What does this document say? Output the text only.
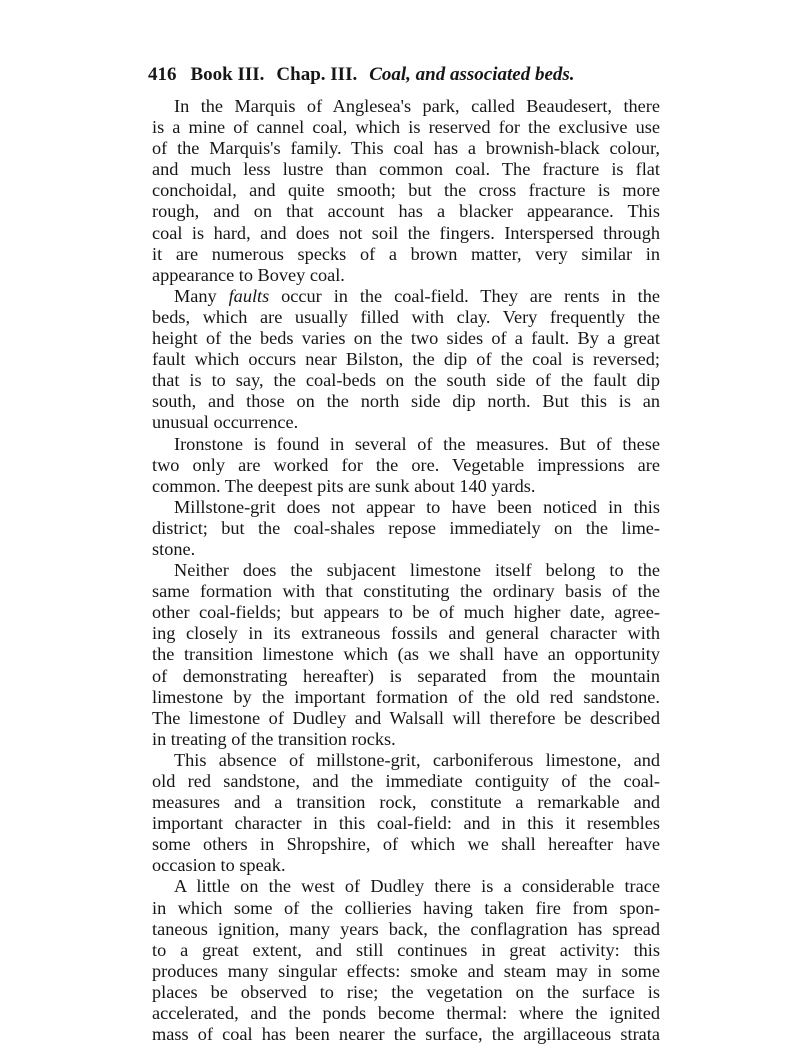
416 Book III. Chap. III. Coal, and associated beds.
In the Marquis of Anglesea's park, called Beaudesert, there
is a mine of cannel coal, which is reserved for the exclusive use
of the Marquis's family. This coal has a brownish-black colour,
and much less lustre than common coal. The fracture is flat
conchoidal, and quite smooth; but the cross fracture is more
rough, and on that account has a blacker appearance. This
coal is hard, and does not soil the fingers. Interspersed through
it are numerous specks of a brown matter, very similar in
appearance to Bovey coal.
Many faults occur in the coal-field. They are rents in the
beds, which are usually filled with clay. Very frequently the
height of the beds varies on the two sides of a fault. By a great
fault which occurs near Bilston, the dip of the coal is reversed;
that is to say, the coal-beds on the south side of the fault dip
south, and those on the north side dip north. But this is an
unusual occurrence.
Ironstone is found in several of the measures. But of these
two only are worked for the ore. Vegetable impressions are
common. The deepest pits are sunk about 140 yards.
Millstone-grit does not appear to have been noticed in this
district; but the coal-shales repose immediately on the lime-
stone.
Neither does the subjacent limestone itself belong to the
same formation with that constituting the ordinary basis of the
other coal-fields; but appears to be of much higher date, agree-
ing closely in its extraneous fossils and general character with
the transition limestone which (as we shall have an opportunity
of demonstrating hereafter) is separated from the mountain
limestone by the important formation of the old red sandstone.
The limestone of Dudley and Walsall will therefore be described
in treating of the transition rocks.
This absence of millstone-grit, carboniferous limestone, and
old red sandstone, and the immediate contiguity of the coal-
measures and a transition rock, constitute a remarkable and
important character in this coal-field: and in this it resembles
some others in Shropshire, of which we shall hereafter have
occasion to speak.
A little on the west of Dudley there is a considerable trace
in which some of the collieries having taken fire from spon-
taneous ignition, many years back, the conflagration has spread
to a great extent, and still continues in great activity: this
produces many singular effects: smoke and steam may in some
places be observed to rise; the vegetation on the surface is
accelerated, and the ponds become thermal: where the ignited
mass of coal has been nearer the surface, the argillaceous strata
